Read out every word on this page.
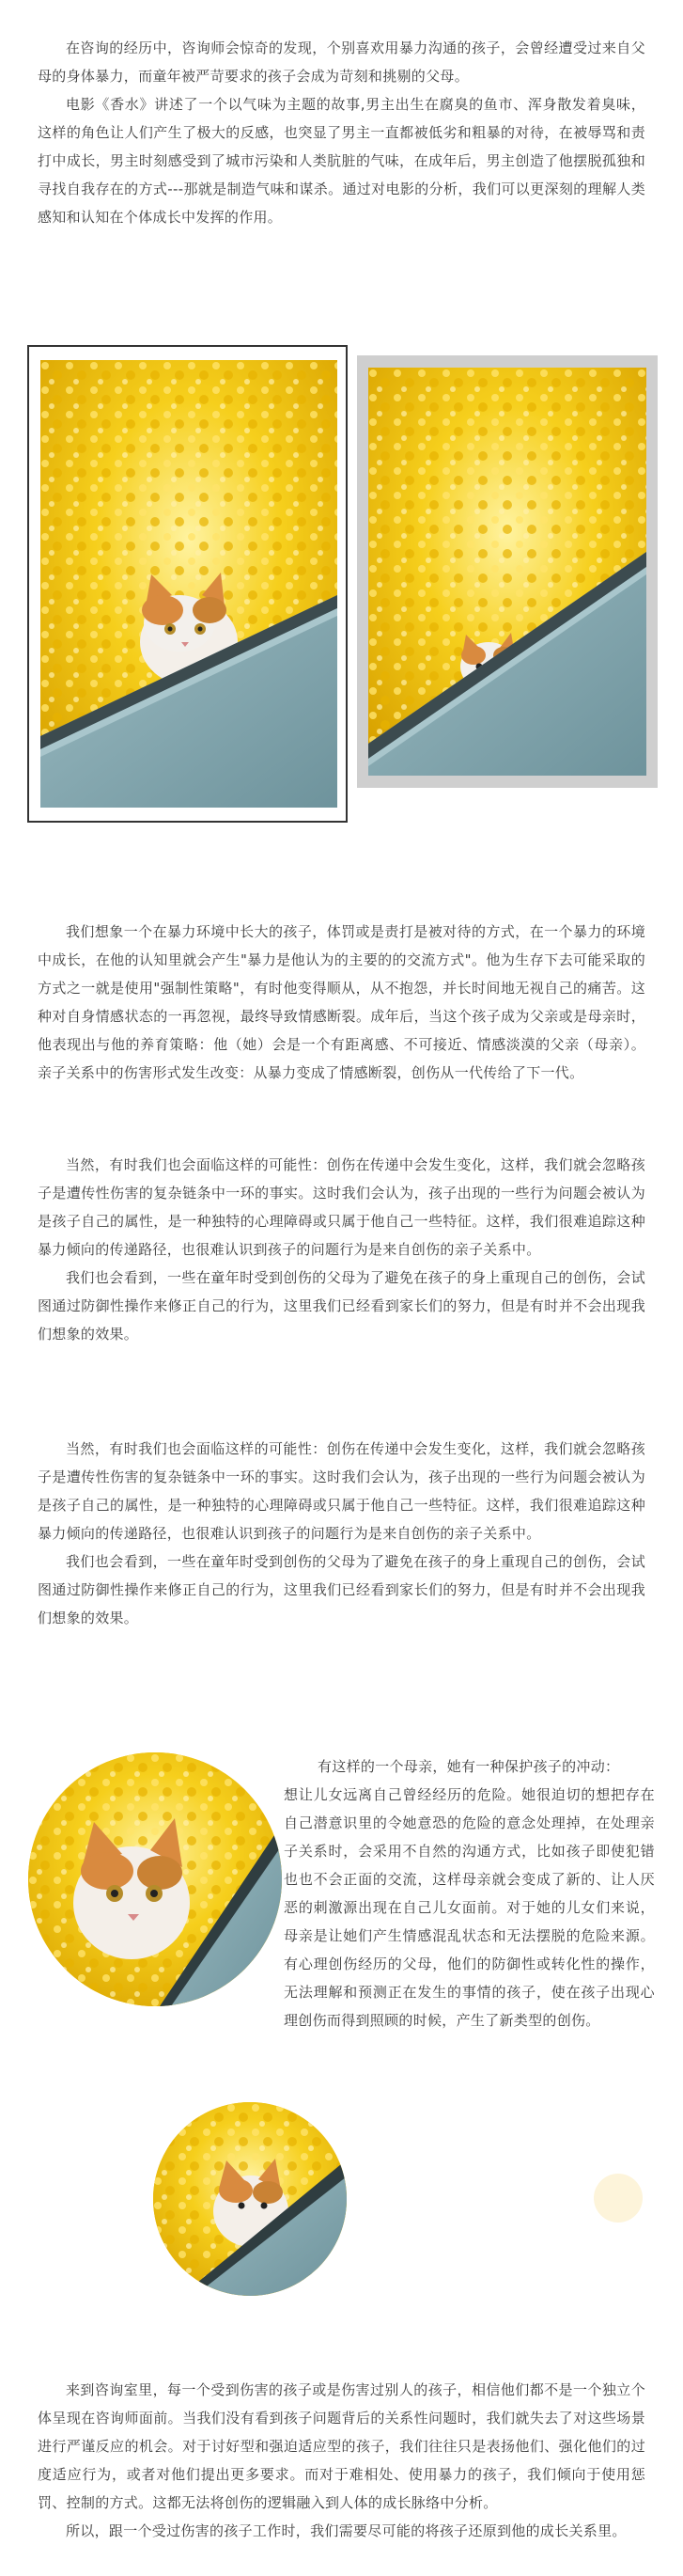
在咨询的经历中，咨询师会惊奇的发现，个别喜欢用暴力沟通的孩子，会曾经遭受过来自父母的身体暴力，而童年被严苛要求的孩子会成为苛刻和挑剔的父母。

电影《香水》讲述了一个以气味为主题的故事,男主出生在腐臭的鱼市、浑身散发着臭味，这样的角色让人们产生了极大的反感，也突显了男主一直都被低劣和粗暴的对待，在被辱骂和责打中成长，男主时刻感受到了城市污染和人类肮脏的气味，在成年后，男主创造了他摆脱孤独和寻找自我存在的方式---那就是制造气味和谋杀。通过对电影的分析，我们可以更深刻的理解人类感知和认知在个体成长中发挥的作用。

我们想象一个在暴力环境中长大的孩子，体罚或是责打是被对待的方式，在一个暴力的环境中成长，在他的认知里就会产生"暴力是他认为的主要的的交流方式"。他为生存下去可能采取的方式之一就是使用"强制性策略"，有时他变得顺从，从不抱怨，并长时间地无视自己的痛苦。这种对自身情感状态的一再忽视，最终导致情感断裂。成年后，当这个孩子成为父亲或是母亲时，他表现出与他的养育策略：他（她）会是一个有距离感、不可接近、情感淡漠的父亲（母亲）。亲子关系中的伤害形式发生改变：从暴力变成了情感断裂，创伤从一代传给了下一代。

当然，有时我们也会面临这样的可能性：创伤在传递中会发生变化，这样，我们就会忽略孩子是遭传性伤害的复杂链条中一环的事实。这时我们会认为，孩子出现的一些行为问题会被认为是孩子自己的属性，是一种独特的心理障碍或只属于他自己一些特征。这样，我们很难追踪这种暴力倾向的传递路径，也很难认识到孩子的问题行为是来自创伤的亲子关系中。

我们也会看到，一些在童年时受到创伤的父母为了避免在孩子的身上重现自己的创伤，会试图通过防御性操作来修正自己的行为，这里我们已经看到家长们的努力，但是有时并不会出现我们想象的效果。

当然，有时我们也会面临这样的可能性：创伤在传递中会发生变化，这样，我们就会忽略孩子是遭传性伤害的复杂链条中一环的事实。这时我们会认为，孩子出现的一些行为问题会被认为是孩子自己的属性，是一种独特的心理障碍或只属于他自己一些特征。这样，我们很难追踪这种暴力倾向的传递路径，也很难认识到孩子的问题行为是来自创伤的亲子关系中。

我们也会看到，一些在童年时受到创伤的父母为了避免在孩子的身上重现自己的创伤，会试图通过防御性操作来修正自己的行为，这里我们已经看到家长们的努力，但是有时并不会出现我们想象的效果。

有这样的一个母亲，她有一种保护孩子的冲动：

想让儿女远离自己曾经经历的危险。她很迫切的想把存在自己潜意识里的令她意恐的危险的意念处理掉，在处理亲子关系时，会采用不自然的沟通方式，比如孩子即使犯错也也不会正面的交流，这样母亲就会变成了新的、让人厌恶的刺激源出现在自己儿女面前。对于她的儿女们来说，母亲是让她们产生情感混乱状态和无法摆脱的危险来源。有心理创伤经历的父母，他们的防御性或转化性的操作，无法理解和预测正在发生的事情的孩子，使在孩子出现心理创伤而得到照顾的时候，产生了新类型的创伤。

来到咨询室里，每一个受到伤害的孩子或是伤害过别人的孩子，相信他们都不是一个独立个体呈现在咨询师面前。当我们没有看到孩子问题背后的关系性问题时，我们就失去了对这些场景进行严谨反应的机会。对于讨好型和强迫适应型的孩子，我们往往只是表扬他们、强化他们的过度适应行为，或者对他们提出更多要求。而对于难相处、使用暴力的孩子，我们倾向于使用惩罚、控制的方式。这都无法将创伤的逻辑融入到人体的成长脉络中分析。

所以，跟一个受过伤害的孩子工作时，我们需要尽可能的将孩子还原到他的成长关系里。
